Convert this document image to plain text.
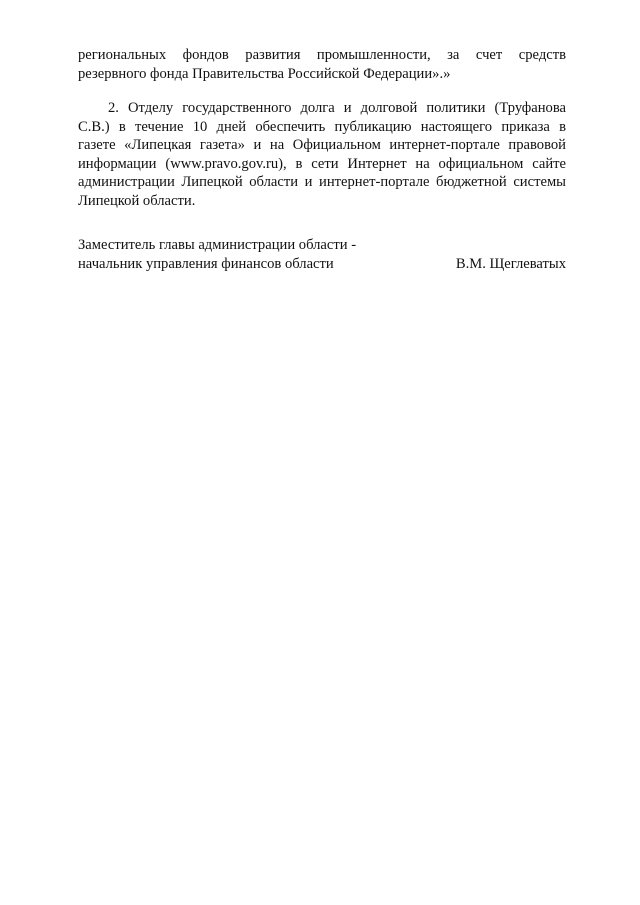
региональных фондов развития промышленности, за счет средств
резервного фонда Правительства Российской Федерации».»
2. Отделу государственного долга и долговой политики (Труфанова
С.В.) в течение 10 дней обеспечить публикацию настоящего приказа в
газете «Липецкая газета» и на Официальном интернет-портале правовой
информации (www.pravo.gov.ru), в сети Интернет на официальном сайте
администрации Липецкой области и интернет-портале бюджетной системы
Липецкой области.
Заместитель главы администрации области -
начальник управления финансов области	В.М. Щеглеватых
